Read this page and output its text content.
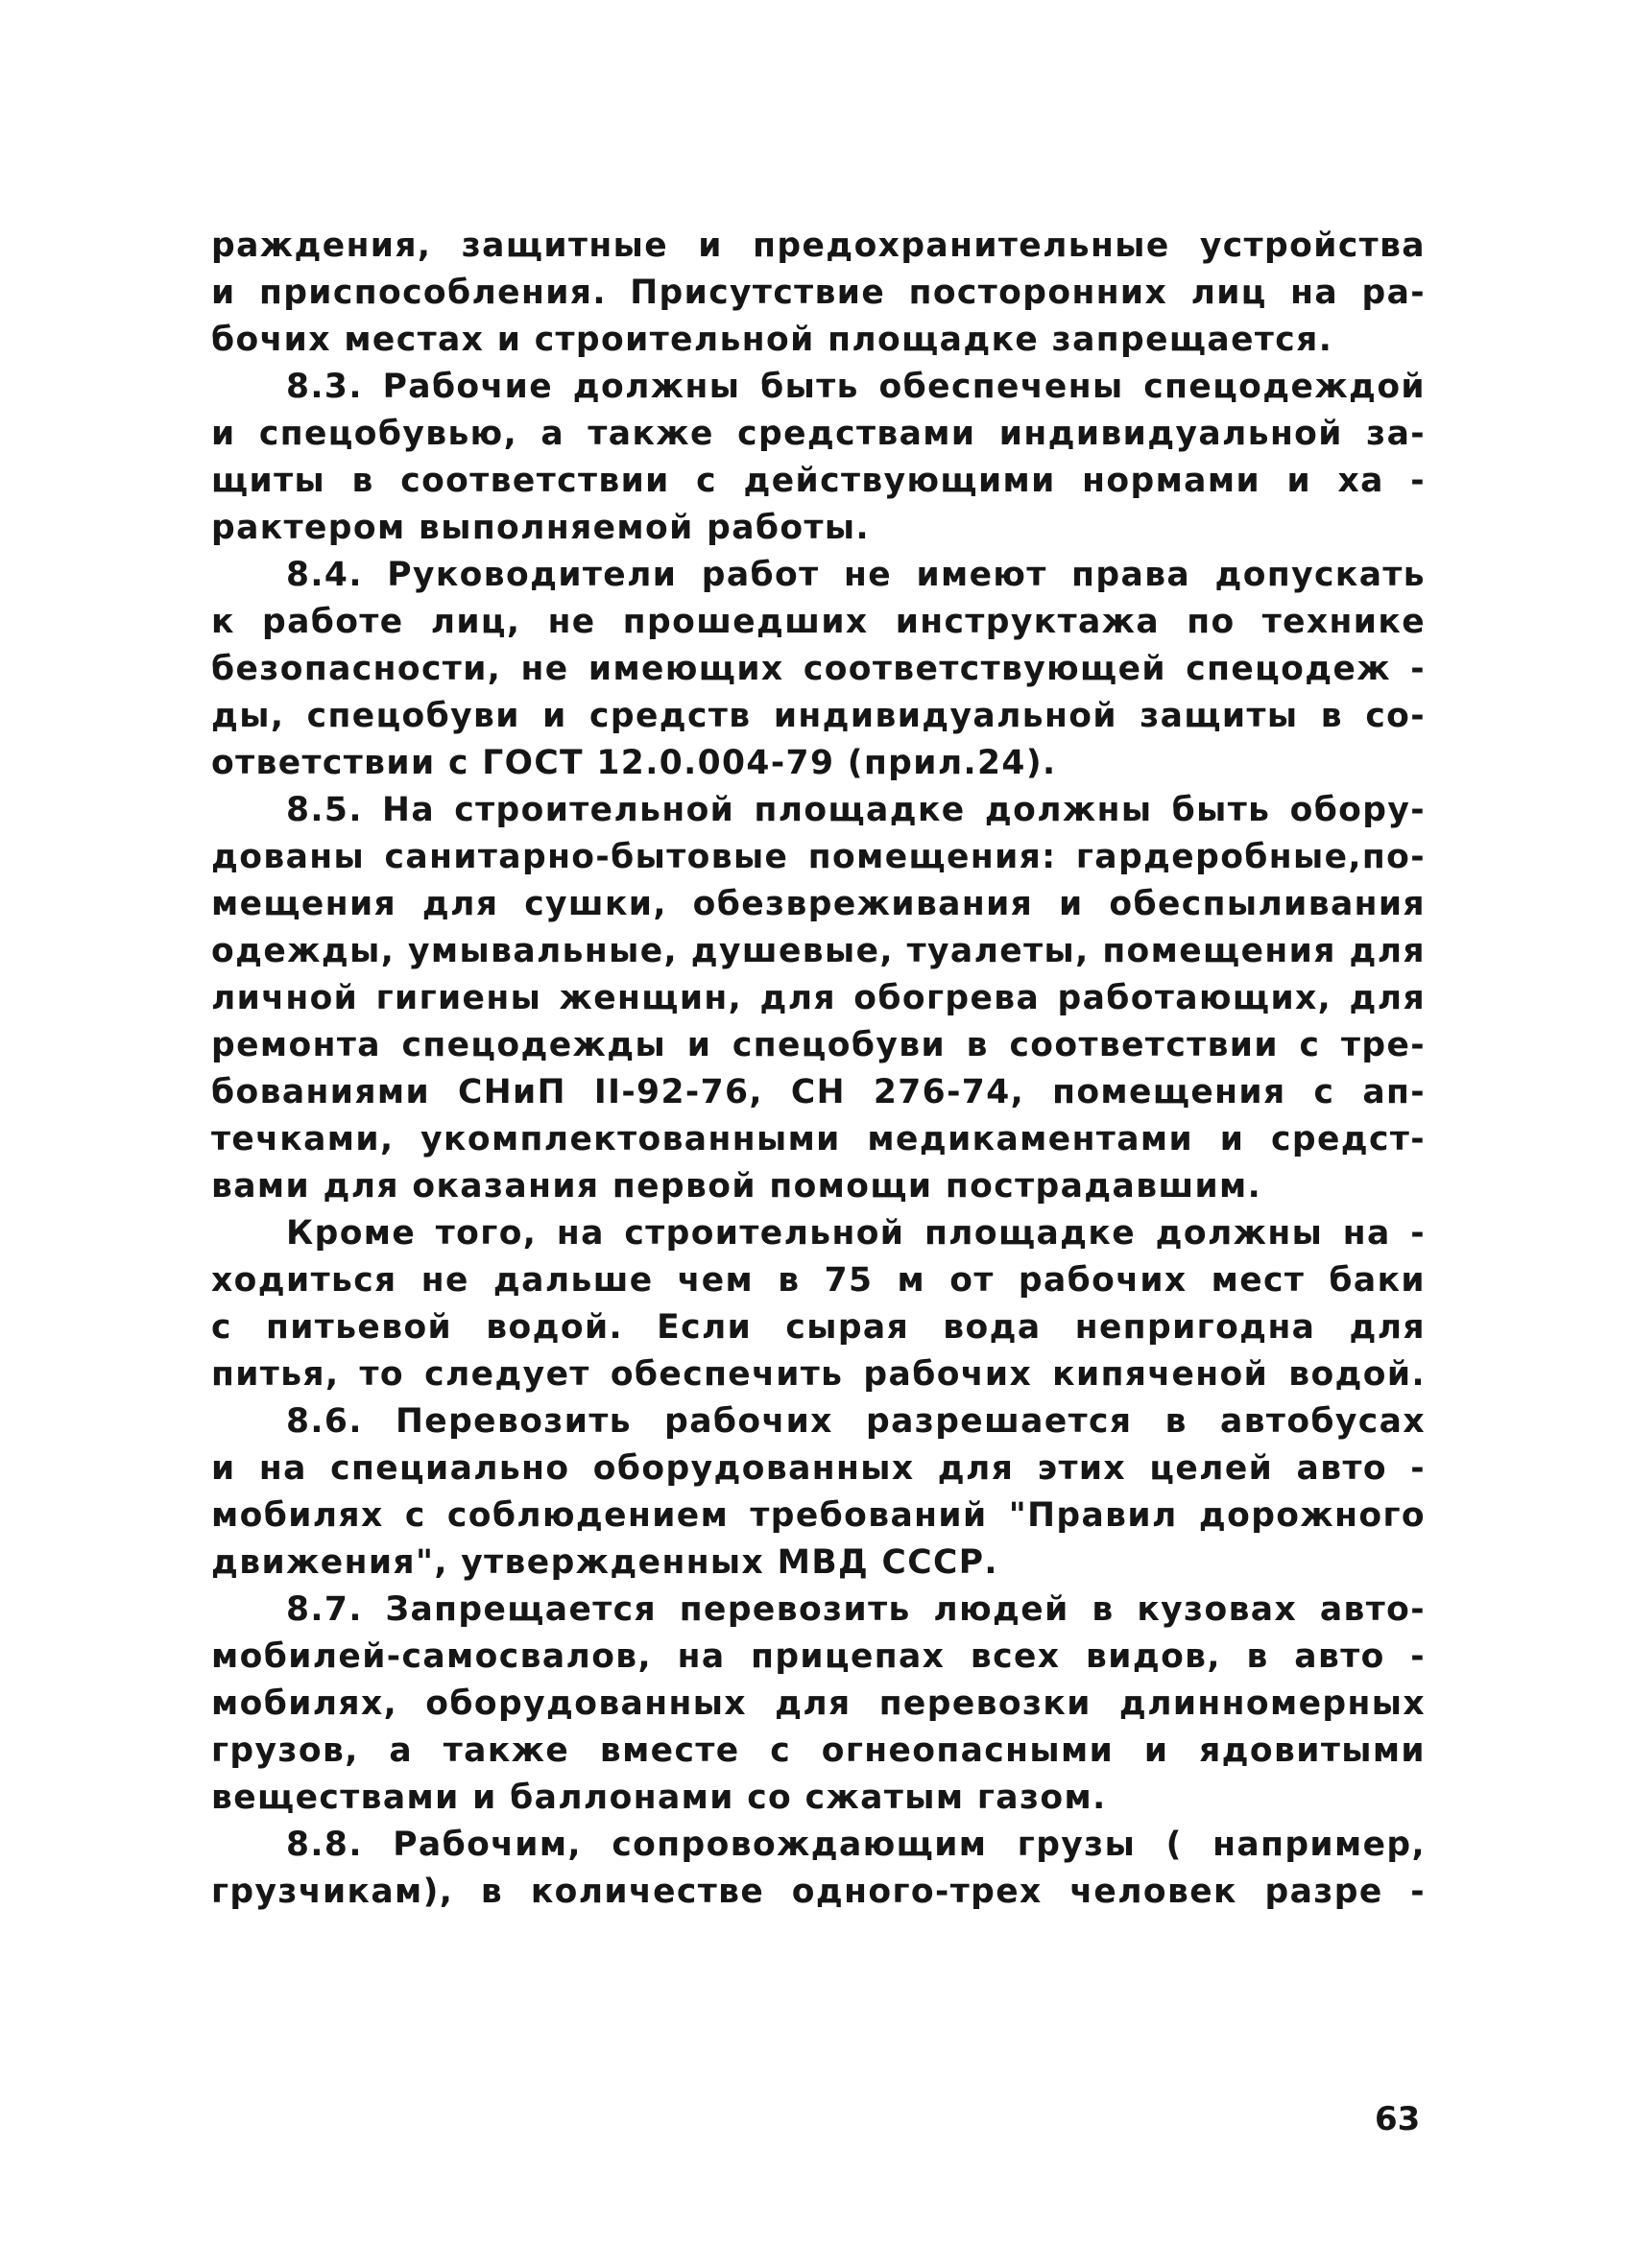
раждения, защитные и предохранительные устройства
и приспособления. Присутствие посторонних лиц на ра-
бочих местах и строительной площадке запрещается.
8.3. Рабочие должны быть обеспечены спецодеждой
и спецобувью, а также средствами индивидуальной за-
щиты в соответствии с действующими нормами и ха -
рактером выполняемой работы.
8.4. Руководители работ не имеют права допускать
к работе лиц, не прошедших инструктажа по технике
безопасности, не имеющих соответствующей спецодеж -
ды, спецобуви и средств индивидуальной защиты в со-
ответствии с ГОСТ 12.0.004-79 (прил.24).
8.5. На строительной площадке должны быть обору-
дованы санитарно-бытовые помещения: гардеробные,по-
мещения для сушки, обезвреживания и обеспыливания
одежды, умывальные, душевые, туалеты, помещения для
личной гигиены женщин, для обогрева работающих, для
ремонта спецодежды и спецобуви в соответствии с тре-
бованиями СНиП II-92-76, СН 276-74, помещения с ап-
течками, укомплектованными медикаментами и средст-
вами для оказания первой помощи пострадавшим.
Кроме того, на строительной площадке должны на -
ходиться не дальше чем в 75 м от рабочих мест баки
с питьевой водой. Если сырая вода непригодна для
питья, то следует обеспечить рабочих кипяченой водой.
8.6. Перевозить рабочих разрешается в автобусах
и на специально оборудованных для этих целей авто -
мобилях с соблюдением требований "Правил дорожного
движения", утвержденных МВД СССР.
8.7. Запрещается перевозить людей в кузовах авто-
мобилей-самосвалов, на прицепах всех видов, в авто -
мобилях, оборудованных для перевозки длинномерных
грузов, а также вместе с огнеопасными и ядовитыми
веществами и баллонами со сжатым газом.
8.8. Рабочим, сопровождающим грузы ( например,
грузчикам), в количестве одного-трех человек разре -
63
